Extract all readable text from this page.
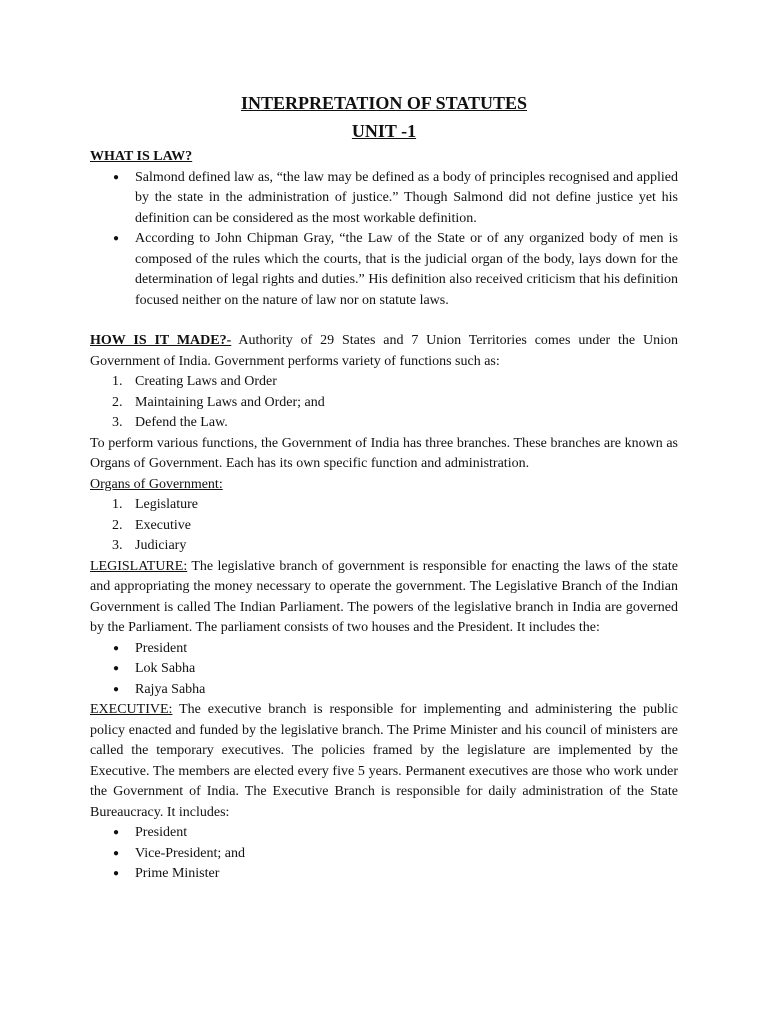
INTERPRETATION OF STATUTES
UNIT -1
WHAT IS LAW?
● Salmond defined law as, “the law may be defined as a body of principles recognised and applied by the state in the administration of justice.” Though Salmond did not define justice yet his definition can be considered as the most workable definition.
● According to John Chipman Gray, “the Law of the State or of any organized body of men is composed of the rules which the courts, that is the judicial organ of the body, lays down for the determination of legal rights and duties.” His definition also received criticism that his definition focused neither on the nature of law nor on statute laws.

HOW IS IT MADE?- Authority of 29 States and 7 Union Territories comes under the Union Government of India. Government performs variety of functions such as:

1. Creating Laws and Order
2. Maintaining Laws and Order; and
3. Defend the Law.

To perform various functions, the Government of India has three branches. These branches are known as Organs of Government. Each has its own specific function and administration.

Organs of Government:
1. Legislature
2. Executive
3. Judiciary

LEGISLATURE: The legislative branch of government is responsible for enacting the laws of the state and appropriating the money necessary to operate the government. The Legislative Branch of the Indian Government is called The Indian Parliament. The powers of the legislative branch in India are governed by the Parliament. The parliament consists of two houses and the President. It includes the:

● President
● Lok Sabha
● Rajya Sabha

EXECUTIVE: The executive branch is responsible for implementing and administering the public policy enacted and funded by the legislative branch. The Prime Minister and his council of ministers are called the temporary executives. The policies framed by the legislature are implemented by the Executive. The members are elected every five 5 years. Permanent executives are those who work under the Government of India. The Executive Branch is responsible for daily administration of the State Bureaucracy. It includes:

● President
● Vice-President; and
● Prime Minister
